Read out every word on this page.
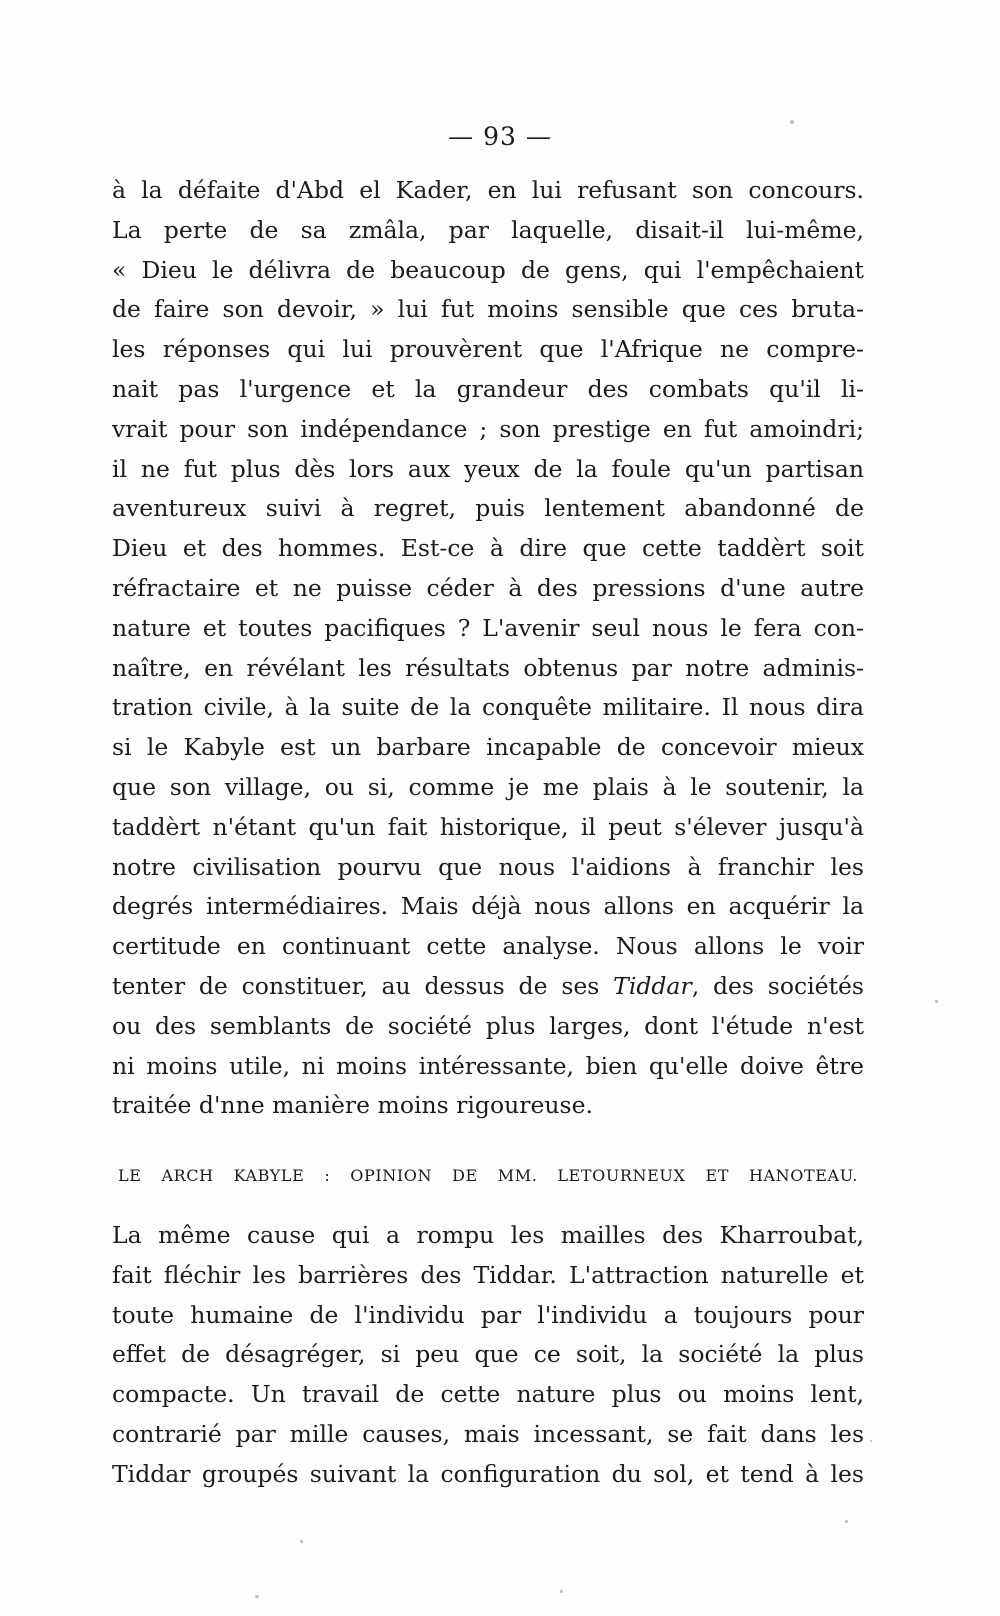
— 93 —
à la défaite d'Abd el Kader, en lui refusant son concours.
La perte de sa zmâla, par laquelle, disait-il lui-même,
« Dieu le délivra de beaucoup de gens, qui l'empêchaient
de faire son devoir, » lui fut moins sensible que ces bruta-
les réponses qui lui prouvèrent que l'Afrique ne compre-
nait pas l'urgence et la grandeur des combats qu'il li-
vrait pour son indépendance ; son prestige en fut amoindri;
il ne fut plus dès lors aux yeux de la foule qu'un partisan
aventureux suivi à regret, puis lentement abandonné de
Dieu et des hommes. Est-ce à dire que cette taddèrt soit
réfractaire et ne puisse céder à des pressions d'une autre
nature et toutes pacifiques ? L'avenir seul nous le fera con-
naître, en révélant les résultats obtenus par notre adminis-
tration civile, à la suite de la conquête militaire. Il nous dira
si le Kabyle est un barbare incapable de concevoir mieux
que son village, ou si, comme je me plais à le soutenir, la
taddèrt n'étant qu'un fait historique, il peut s'élever jusqu'à
notre civilisation pourvu que nous l'aidions à franchir les
degrés intermédiaires. Mais déjà nous allons en acquérir la
certitude en continuant cette analyse. Nous allons le voir
tenter de constituer, au dessus de ses Tiddar, des sociétés
ou des semblants de société plus larges, dont l'étude n'est
ni moins utile, ni moins intéressante, bien qu'elle doive être
traitée d'nne manière moins rigoureuse.
LE ARCH KABYLE : OPINION DE MM. LETOURNEUX ET HANOTEAU.
La même cause qui a rompu les mailles des Kharroubat,
fait fléchir les barrières des Tiddar. L'attraction naturelle et
toute humaine de l'individu par l'individu a toujours pour
effet de désagréger, si peu que ce soit, la société la plus
compacte. Un travail de cette nature plus ou moins lent,
contrarié par mille causes, mais incessant, se fait dans les
Tiddar groupés suivant la configuration du sol, et tend à les
